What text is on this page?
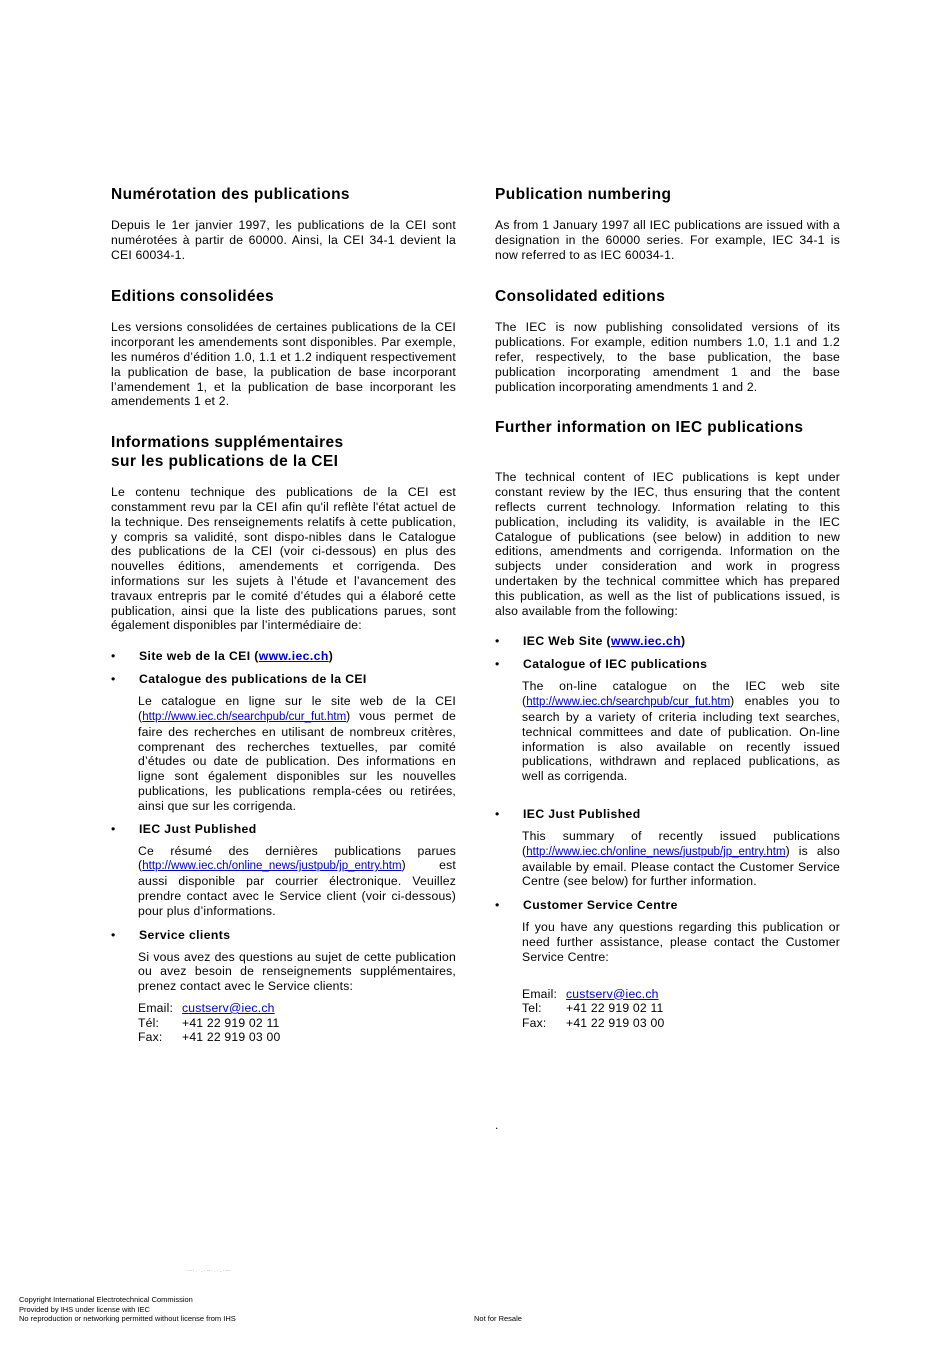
Numérotation des publications

Depuis le 1er janvier 1997, les publications de la CEI sont numérotées à partir de 60000. Ainsi, la CEI 34-1 devient la CEI 60034-1.

Editions consolidées

Les versions consolidées de certaines publications de la CEI incorporant les amendements sont disponibles. Par exemple, les numéros d’édition 1.0, 1.1 et 1.2 indiquent respectivement la publication de base, la publication de base incorporant l’amendement 1, et la publication de base incorporant les amendements 1 et 2.

Informations supplémentaires
sur les publications de la CEI

Le contenu technique des publications de la CEI est constamment revu par la CEI afin qu'il reflète l'état actuel de la technique. Des renseignements relatifs à cette publication, y compris sa validité, sont dispo-nibles dans le Catalogue des publications de la CEI (voir ci-dessous) en plus des nouvelles éditions, amendements et corrigenda. Des informations sur les sujets à l’étude et l’avancement des travaux entrepris par le comité d’études qui a élaboré cette publication, ainsi que la liste des publications parues, sont également disponibles par l’intermédiaire de:

• Site web de la CEI (www.iec.ch)
• Catalogue des publications de la CEI

Le catalogue en ligne sur le site web de la CEI (http://www.iec.ch/searchpub/cur_fut.htm) vous permet de faire des recherches en utilisant de nombreux critères, comprenant des recherches textuelles, par comité d’études ou date de publication. Des informations en ligne sont également disponibles sur les nouvelles publications, les publications rempla-cées ou retirées, ainsi que sur les corrigenda.

• IEC Just Published

Ce résumé des dernières publications parues (http://www.iec.ch/online_news/justpub/jp_entry.htm) est aussi disponible par courrier électronique. Veuillez prendre contact avec le Service client (voir ci-dessous) pour plus d’informations.

• Service clients

Si vous avez des questions au sujet de cette publication ou avez besoin de renseignements supplémentaires, prenez contact avec le Service clients:

Email: custserv@iec.ch
Tél: +41 22 919 02 11
Fax: +41 22 919 03 00
Publication numbering

As from 1 January 1997 all IEC publications are issued with a designation in the 60000 series. For example, IEC 34-1 is now referred to as IEC 60034-1.

Consolidated editions

The IEC is now publishing consolidated versions of its publications. For example, edition numbers 1.0, 1.1 and 1.2 refer, respectively, to the base publication, the base publication incorporating amendment 1 and the base publication incorporating amendments 1 and 2.

Further information on IEC publications

The technical content of IEC publications is kept under constant review by the IEC, thus ensuring that the content reflects current technology. Information relating to this publication, including its validity, is available in the IEC Catalogue of publications (see below) in addition to new editions, amendments and corrigenda. Information on the subjects under consideration and work in progress undertaken by the technical committee which has prepared this publication, as well as the list of publications issued, is also available from the following:

• IEC Web Site (www.iec.ch)
• Catalogue of IEC publications

The on-line catalogue on the IEC web site (http://www.iec.ch/searchpub/cur_fut.htm) enables you to search by a variety of criteria including text searches, technical committees and date of publication. On-line information is also available on recently issued publications, withdrawn and replaced publications, as well as corrigenda.

• IEC Just Published

This summary of recently issued publications (http://www.iec.ch/online_news/justpub/jp_entry.htm) is also available by email. Please contact the Customer Service Centre (see below) for further information.

• Customer Service Centre

If you have any questions regarding this publication or need further assistance, please contact the Customer Service Centre:

Email: custserv@iec.ch
Tel: +41 22 919 02 11
Fax: +41 22 919 03 00
.
·–·.·.·–·.·.·–·
Copyright International Electrotechnical Commission
Provided by IHS under license with IEC
No reproduction or networking permitted without license from IHS	Not for Resale
